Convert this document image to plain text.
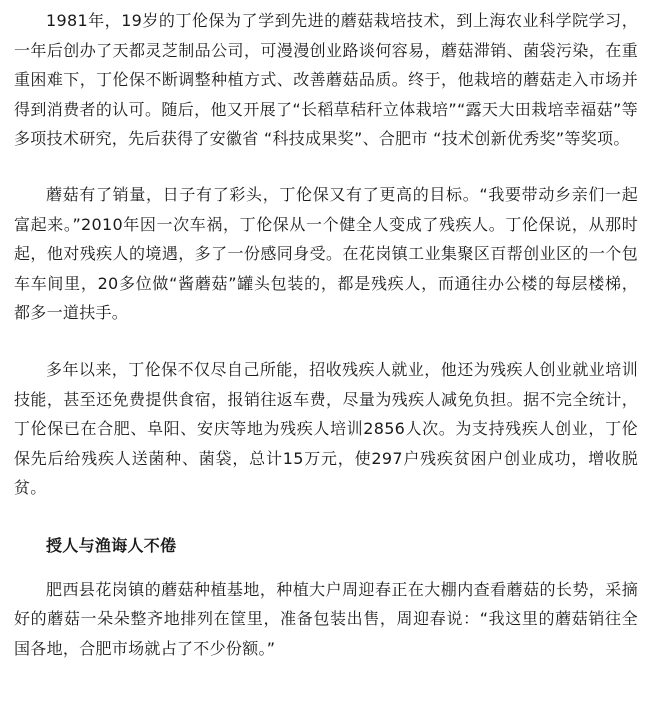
1981年，19岁的丁伦保为了学到先进的蘑菇栽培技术，到上海农业科学院学习，一年后创办了天都灵芝制品公司，可漫漫创业路谈何容易，蘑菇滞销、菌袋污染，在重重困难下，丁伦保不断调整种植方式、改善蘑菇品质。终于，他栽培的蘑菇走入市场并得到消费者的认可。随后，他又开展了“长稻草秸秆立体栽培”“露天大田栽培幸福菇”等多项技术研究，先后获得了安徽省 “科技成果奖”、合肥市 “技术创新优秀奖”等奖项。

蘑菇有了销量，日子有了彩头，丁伦保又有了更高的目标。“我要带动乡亲们一起富起来。”2010年因一次车祸，丁伦保从一个健全人变成了残疾人。丁伦保说，从那时起，他对残疾人的境遇，多了一份感同身受。在花岗镇工业集聚区百帮创业区的一个包车车间里，20多位做“酱蘑菇”罐头包装的，都是残疾人，而通往办公楼的每层楼梯，都多一道扶手。

多年以来，丁伦保不仅尽自己所能，招收残疾人就业，他还为残疾人创业就业培训技能，甚至还免费提供食宿，报销往返车费，尽量为残疾人减免负担。据不完全统计，丁伦保已在合肥、阜阳、安庆等地为残疾人培训2856人次。为支持残疾人创业，丁伦保先后给残疾人送菌种、菌袋，总计15万元，使297户残疾贫困户创业成功，增收脱贫。

授人与渔诲人不倦

肥西县花岗镇的蘑菇种植基地，种植大户周迎春正在大棚内查看蘑菇的长势，采摘好的蘑菇一朵朵整齐地排列在筐里，准备包装出售，周迎春说：“我这里的蘑菇销往全国各地，合肥市场就占了不少份额。”
